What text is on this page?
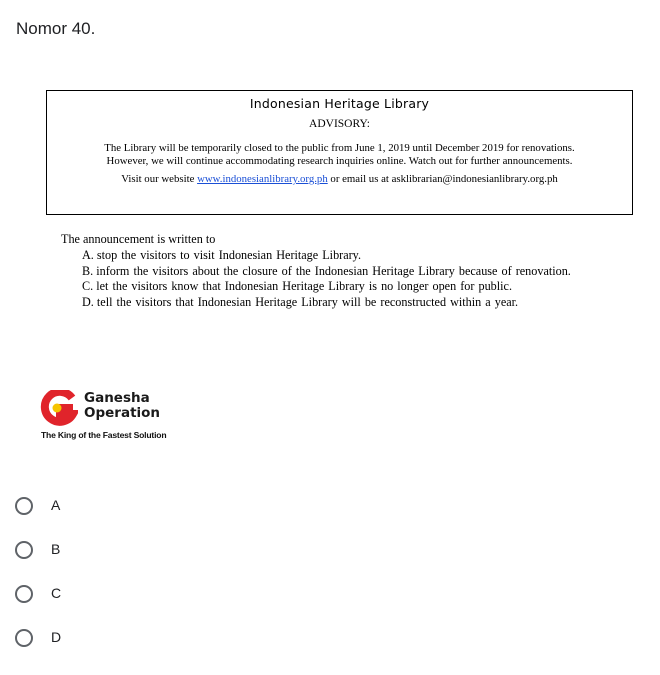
Nomor 40.
Indonesian Heritage Library
ADVISORY:
The Library will be temporarily closed to the public from June 1, 2019 until December 2019 for renovations.
However, we will continue accommodating research inquiries online. Watch out for further announcements.
Visit our website www.indonesianlibrary.org.ph or email us at asklibrarian@indonesianlibrary.org.ph
The announcement is written to
A. stop the visitors to visit Indonesian Heritage Library.
B. inform the visitors about the closure of the Indonesian Heritage Library because of renovation.
C. let the visitors know that Indonesian Heritage Library is no longer open for public.
D. tell the visitors that Indonesian Heritage Library will be reconstructed within a year.
Ganesha
Operation
The King of the Fastest Solution
A
B
C
D
